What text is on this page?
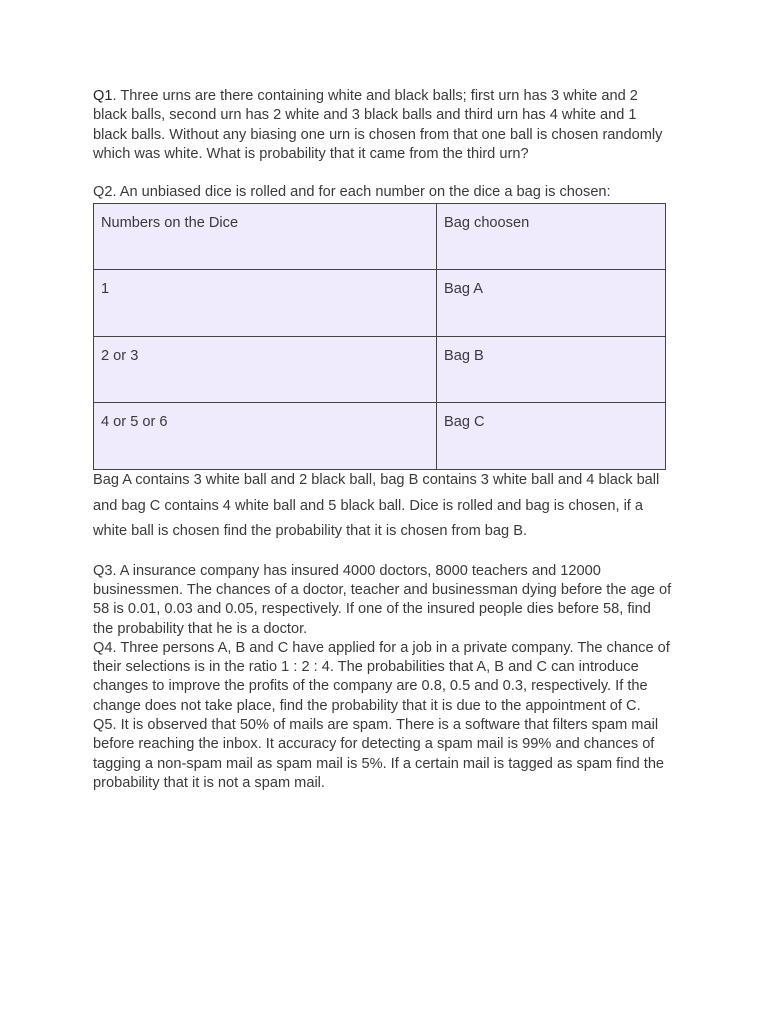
Q1. Three urns are there containing white and black balls; first urn has 3 white and 2 black balls, second urn has 2 white and 3 black balls and third urn has 4 white and 1 black balls. Without any biasing one urn is chosen from that one ball is chosen randomly which was white. What is probability that it came from the third urn?

Q2. An unbiased dice is rolled and for each number on the dice a bag is chosen:

Numbers on the Dice	Bag choosen
1	Bag A
2 or 3	Bag B
4 or 5 or 6	Bag C

Bag A contains 3 white ball and 2 black ball, bag B contains 3 white ball and 4 black ball and bag C contains 4 white ball and 5 black ball. Dice is rolled and bag is chosen, if a white ball is chosen find the probability that it is chosen from bag B.

Q3. A insurance company has insured 4000 doctors, 8000 teachers and 12000 businessmen. The chances of a doctor, teacher and businessman dying before the age of 58 is 0.01, 0.03 and 0.05, respectively. If one of the insured people dies before 58, find the probability that he is a doctor.

Q4. Three persons A, B and C have applied for a job in a private company. The chance of their selections is in the ratio 1 : 2 : 4. The probabilities that A, B and C can introduce changes to improve the profits of the company are 0.8, 0.5 and 0.3, respectively. If the change does not take place, find the probability that it is due to the appointment of C.

Q5. It is observed that 50% of mails are spam. There is a software that filters spam mail before reaching the inbox. It accuracy for detecting a spam mail is 99% and chances of tagging a non-spam mail as spam mail is 5%. If a certain mail is tagged as spam find the probability that it is not a spam mail.
